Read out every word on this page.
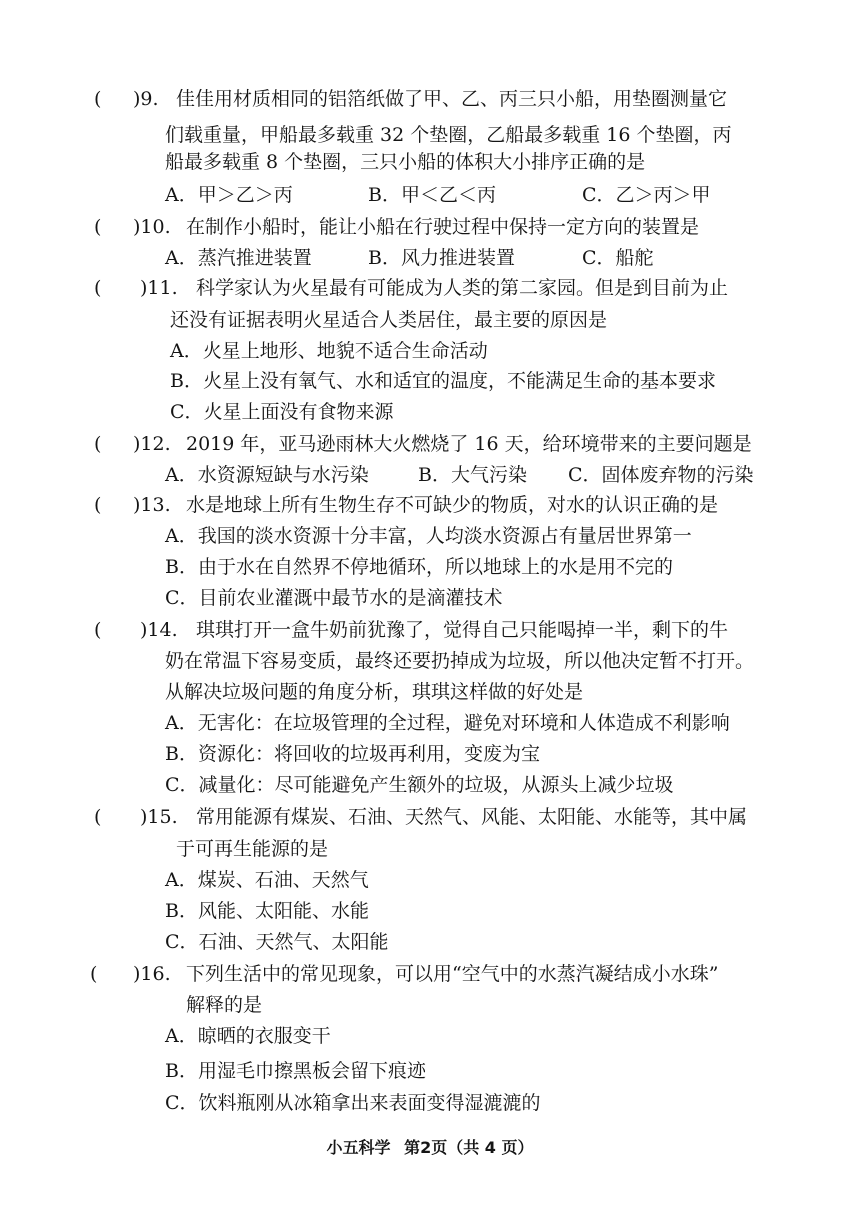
( )9. 佳佳用材质相同的铝箔纸做了甲、乙、丙三只小船，用垫圈测量它
们载重量，甲船最多载重 32 个垫圈，乙船最多载重 16 个垫圈，丙
船最多载重 8 个垫圈，三只小船的体积大小排序正确的是
A．甲＞乙＞丙	B．甲＜乙＜丙	C．乙＞丙＞甲
( )10. 在制作小船时，能让小船在行驶过程中保持一定方向的装置是
A．蒸汽推进装置	B．风力推进装置	C．船舵
( )11. 科学家认为火星最有可能成为人类的第二家园。但是到目前为止
还没有证据表明火星适合人类居住，最主要的原因是
A．火星上地形、地貌不适合生命活动
B．火星上没有氧气、水和适宜的温度，不能满足生命的基本要求
C．火星上面没有食物来源
( )12. 2019 年，亚马逊雨林大火燃烧了 16 天，给环境带来的主要问题是
A．水资源短缺与水污染	B．大气污染 C．固体废弃物的污染
( )13. 水是地球上所有生物生存不可缺少的物质，对水的认识正确的是
A．我国的淡水资源十分丰富，人均淡水资源占有量居世界第一
B．由于水在自然界不停地循环，所以地球上的水是用不完的
C．目前农业灌溉中最节水的是滴灌技术
( )14. 琪琪打开一盒牛奶前犹豫了，觉得自己只能喝掉一半，剩下的牛
奶在常温下容易变质，最终还要扔掉成为垃圾，所以他决定暂不打开。
从解决垃圾问题的角度分析，琪琪这样做的好处是
A．无害化：在垃圾管理的全过程，避免对环境和人体造成不利影响
B．资源化：将回收的垃圾再利用，变废为宝
C．减量化：尽可能避免产生额外的垃圾，从源头上减少垃圾
( )15. 常用能源有煤炭、石油、天然气、风能、太阳能、水能等，其中属
于可再生能源的是
A．煤炭、石油、天然气
B．风能、太阳能、水能
C．石油、天然气、太阳能
( )16. 下列生活中的常见现象，可以用“空气中的水蒸汽凝结成小水珠”
解释的是
A．晾晒的衣服变干
B．用湿毛巾擦黑板会留下痕迹
C．饮料瓶刚从冰箱拿出来表面变得湿漉漉的
小五科学 第2页（共 4 页）
